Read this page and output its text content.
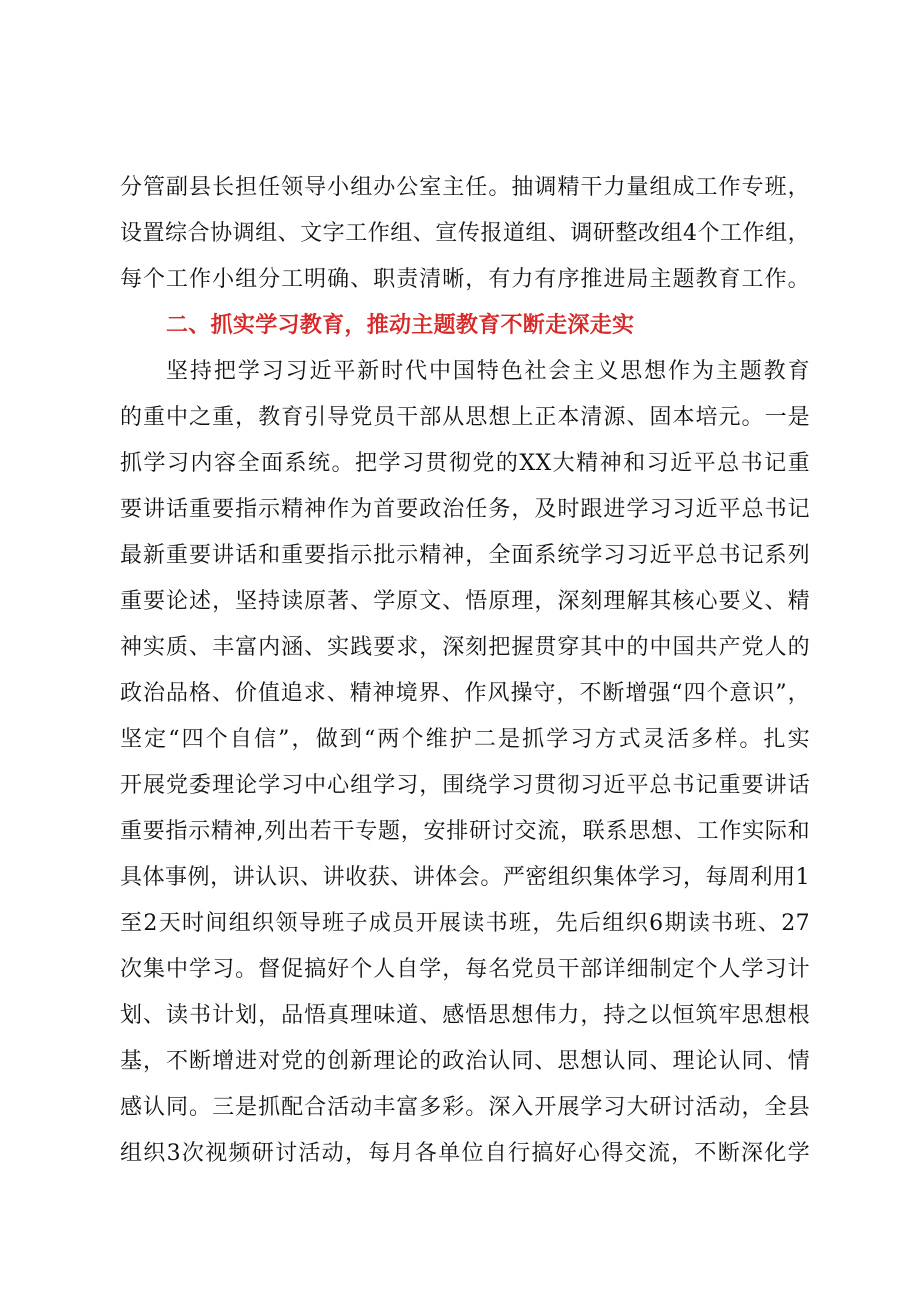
分管副县长担任领导小组办公室主任。抽调精干力量组成工作专班，

设置综合协调组、文字工作组、宣传报道组、调研整改组4个工作组，

每个工作小组分工明确、职责清晰，有力有序推进局主题教育工作。

二、抓实学习教育，推动主题教育不断走深走实

坚持把学习习近平新时代中国特色社会主义思想作为主题教育

的重中之重，教育引导党员干部从思想上正本清源、固本培元。一是

抓学习内容全面系统。把学习贯彻党的XX大精神和习近平总书记重

要讲话重要指示精神作为首要政治任务，及时跟进学习习近平总书记

最新重要讲话和重要指示批示精神，全面系统学习习近平总书记系列

重要论述，坚持读原著、学原文、悟原理，深刻理解其核心要义、精

神实质、丰富内涵、实践要求，深刻把握贯穿其中的中国共产党人的

政治品格、价值追求、精神境界、作风操守，不断增强“四个意识”，

坚定“四个自信”，做到“两个维护二是抓学习方式灵活多样。扎实

开展党委理论学习中心组学习，围绕学习贯彻习近平总书记重要讲话

重要指示精神,列出若干专题，安排研讨交流，联系思想、工作实际和

具体事例，讲认识、讲收获、讲体会。严密组织集体学习，每周利用1

至2天时间组织领导班子成员开展读书班，先后组织6期读书班、27

次集中学习。督促搞好个人自学，每名党员干部详细制定个人学习计

划、读书计划，品悟真理味道、感悟思想伟力，持之以恒筑牢思想根

基，不断增进对党的创新理论的政治认同、思想认同、理论认同、情

感认同。三是抓配合活动丰富多彩。深入开展学习大研讨活动，全县

组织3次视频研讨活动，每月各单位自行搞好心得交流，不断深化学
